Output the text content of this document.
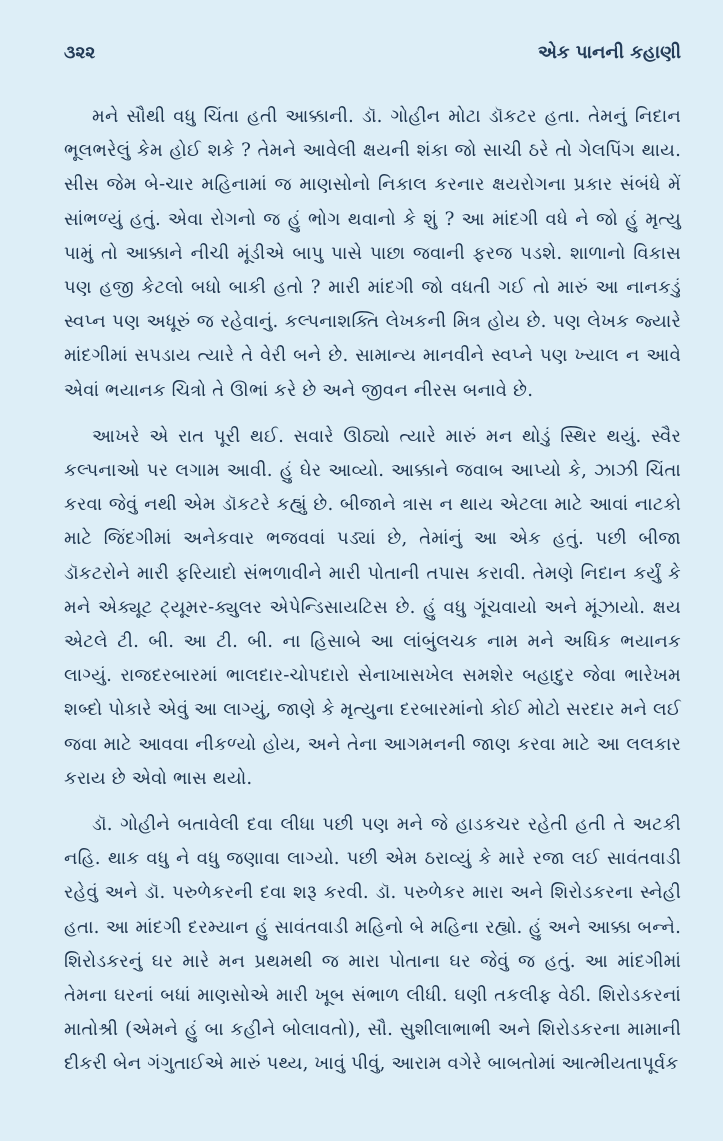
૩૨૨	એક પાનની કહાણી

મને સૌથી વધુ ચિંતા હતી આક્કાની. ડૉ. ગોહીન મોટા ડૉકટર હતા. તેમનું નિદાન ભૂલભરેલું કેમ હોઈ શકે ? તેમને આવેલી ક્ષયની શંકા જો સાચી ઠરે તો ગેલપિંગ થાય. સીસ જેમ બે-ચાર મહિનામાં જ માણસોનો નિકાલ કરનાર ક્ષયરોગના પ્રકાર સંબંધે મેં સાંભળ્યું હતું. એવા રોગનો જ હું ભોગ થવાનો કે શું ? આ માંદગી વધે ને જો હું મૃત્યુ પામું તો આક્કાને નીચી મૂંડીએ બાપુ પાસે પાછા જવાની ફરજ પડશે. શાળાનો વિકાસ પણ હજી કેટલો બધો બાકી હતો ? મારી માંદગી જો વધતી ગઈ તો મારું આ નાનકડું સ્વપ્ન પણ અધૂરું જ રહેવાનું. કલ્પનાશક્તિ લેખકની મિત્ર હોય છે. પણ લેખક જ્યારે માંદગીમાં સપડાય ત્યારે તે વેરી બને છે. સામાન્ય માનવીને સ્વપ્ને પણ ખ્યાલ ન આવે એવાં ભયાનક ચિત્રો તે ઊભાં કરે છે અને જીવન નીરસ બનાવે છે.

આખરે એ રાત પૂરી થઈ. સવારે ઊઠ્યો ત્યારે મારું મન થોડું સ્થિર થયું. સ્વૈર કલ્પનાઓ પર લગામ આવી. હું ઘેર આવ્યો. આક્કાને જવાબ આપ્યો કે, ઝાઝી ચિંતા કરવા જેવું નથી એમ ડૉકટરે કહ્યું છે. બીજાને ત્રાસ ન થાય એટલા માટે આવાં નાટકો માટે જિંદગીમાં અનેકવાર ભજવવાં પડ્યાં છે, તેમાંનું આ એક હતું. પછી બીજા ડૉકટરોને મારી ફરિયાદો સંભળાવીને મારી પોતાની તપાસ કરાવી. તેમણે નિદાન કર્યું કે મને એક્યૂટ ટ્યૂમર-ક્યુલર એપેન્ડિસાયટિસ છે. હું વધુ ગૂંચવાયો અને મૂંઝાયો. ક્ષય એટલે ટી. બી. આ ટી. બી. ના હિસાબે આ લાંબુંલચક નામ મને અધિક ભયાનક લાગ્યું. રાજદરબારમાં ભાલદાર-ચોપદારો સેનાખાસખેલ સમશેર બહાદુર જેવા ભારેખમ શબ્દો પોકારે એવું આ લાગ્યું, જાણે કે મૃત્યુના દરબારમાંનો કોઈ મોટો સરદાર મને લઈ જવા માટે આવવા નીકળ્યો હોય, અને તેના આગમનની જાણ કરવા માટે આ લલકાર કરાય છે એવો ભાસ થયો.

ડૉ. ગોહીને બતાવેલી દવા લીધા પછી પણ મને જે હાડકચર રહેતી હતી તે અટકી નહિ. થાક વધુ ને વધુ જણાવા લાગ્યો. પછી એમ ઠરાવ્યું કે મારે રજા લઈ સાવંતવાડી રહેવું અને ડૉ. પરુળેકરની દવા શરૂ કરવી. ડૉ. પરુળેકર મારા અને શિરોડકરના સ્નેહી હતા. આ માંદગી દરમ્યાન હું સાવંતવાડી મહિનો બે મહિના રહ્યો. હું અને આક્કા બન્ને. શિરોડકરનું ઘર મારે મન પ્રથમથી જ મારા પોતાના ઘર જેવું જ હતું. આ માંદગીમાં તેમના ઘરનાં બધાં માણસોએ મારી ખૂબ સંભાળ લીધી. ઘણી તકલીફ વેઠી. શિરોડકરનાં માતોશ્રી (એમને હું બા કહીને બોલાવતો), સૌ. સુશીલાભાભી અને શિરોડકરના મામાની દીકરી બેન ગંગુતાઈએ મારું પથ્ય, ખાવું પીવું, આરામ વગેરે બાબતોમાં આત્મીયતાપૂર્વક
